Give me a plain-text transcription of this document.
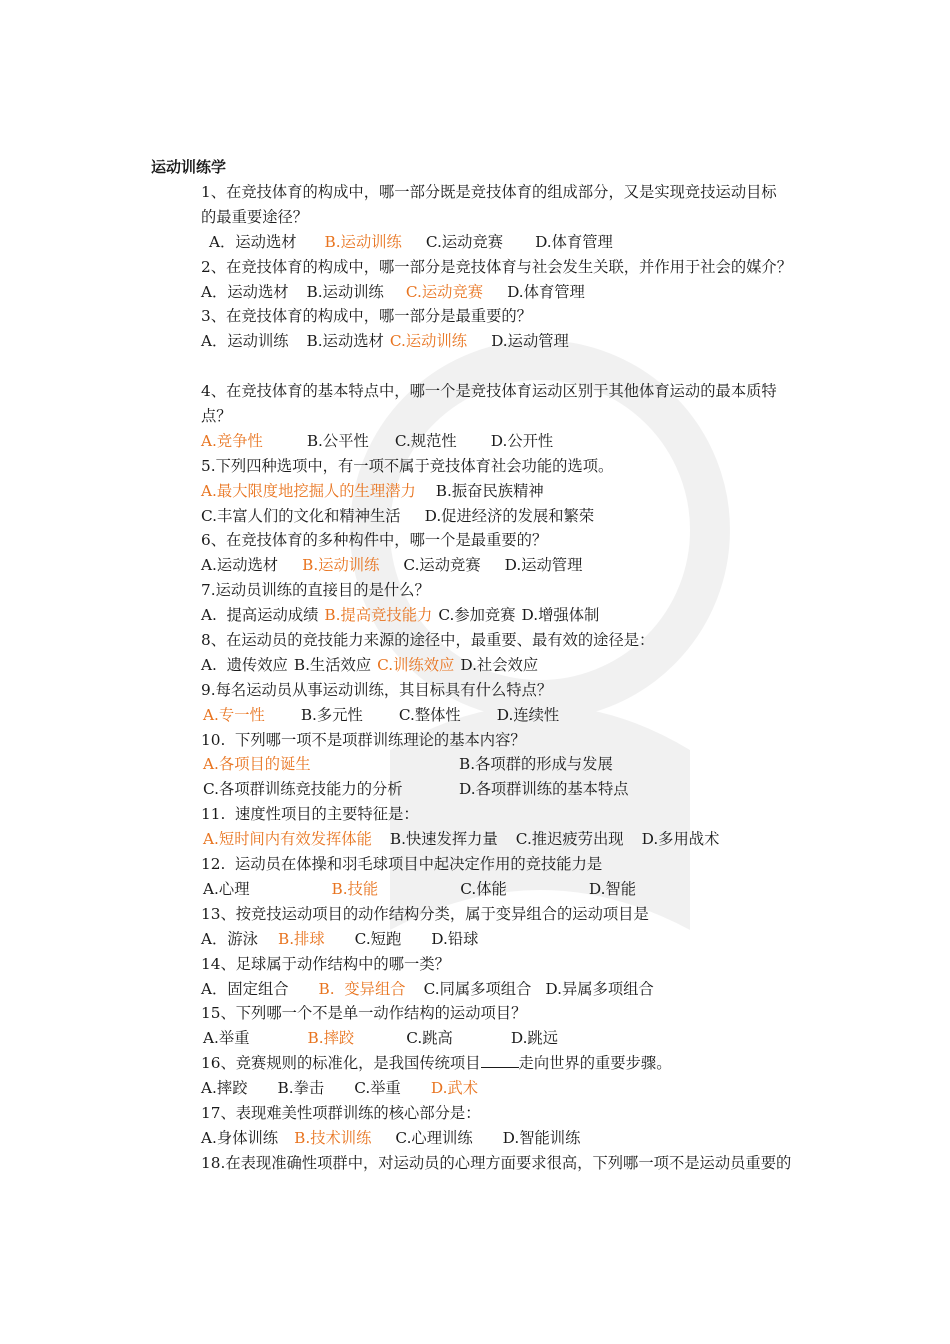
运动训练学
1、在竞技体育的构成中，哪一部分既是竞技体育的组成部分，又是实现竞技运动目标
的最重要途径？
A．运动选材 B.运动训练 C.运动竞赛 D.体育管理
2、在竞技体育的构成中，哪一部分是竞技体育与社会发生关联，并作用于社会的媒介？
A．运动选材 B.运动训练 C.运动竞赛 D.体育管理
3、在竞技体育的构成中，哪一部分是最重要的？
A．运动训练 B.运动选材 C.运动训练 D.运动管理
4、在竞技体育的基本特点中，哪一个是竞技体育运动区别于其他体育运动的最本质特
点？
A.竞争性	B.公平性 C.规范性 D.公开性
5.下列四种选项中，有一项不属于竞技体育社会功能的选项。
A.最大限度地挖掘人的生理潜力 B.振奋民族精神
C.丰富人们的文化和精神生活 D.促进经济的发展和繁荣
6、在竞技体育的多种构件中，哪一个是最重要的？
A.运动选材 B.运动训练 C.运动竞赛 D.运动管理
7.运动员训练的直接目的是什么？
A.  提高运动成绩 B.提高竞技能力 C.参加竞赛 D.增强体制
8、在运动员的竞技能力来源的途径中，最重要、最有效的途径是：
A.  遗传效应 B.生活效应 C.训练效应 D.社会效应
9.每名运动员从事运动训练，其目标具有什么特点？
A.专一性 B.多元性 C.整体性 D.连续性
10.  下列哪一项不是项群训练理论的基本内容？
A.各项目的诞生	B.各项群的形成与发展
C.各项群训练竞技能力的分析	D.各项群训练的基本特点
11.  速度性项目的主要特征是：
A.短时间内有效发挥体能 B.快速发挥力量 C.推迟疲劳出现 D.多用战术
12.  运动员在体操和羽毛球项目中起决定作用的竞技能力是
A.心理	B.技能	C.体能	D.智能
13、按竞技运动项目的动作结构分类，属于变异组合的运动项目是
A．游泳 B.排球 C.短跑 D.铅球
14、足球属于动作结构中的哪一类？
A．固定组合 B.  变异组合 C.同属多项组合 D.异属多项组合
15、下列哪一个不是单一动作结构的运动项目？
A.举重	B.摔跤	C.跳高	D.跳远
16、竞赛规则的标准化，是我国传统项目 走向世界的重要步骤。
A.摔跤 B.拳击 C.举重 D.武术
17、表现难美性项群训练的核心部分是：
A.身体训练 B.技术训练 C.心理训练 D.智能训练
18.在表现准确性项群中，对运动员的心理方面要求很高，下列哪一项不是运动员重要的
